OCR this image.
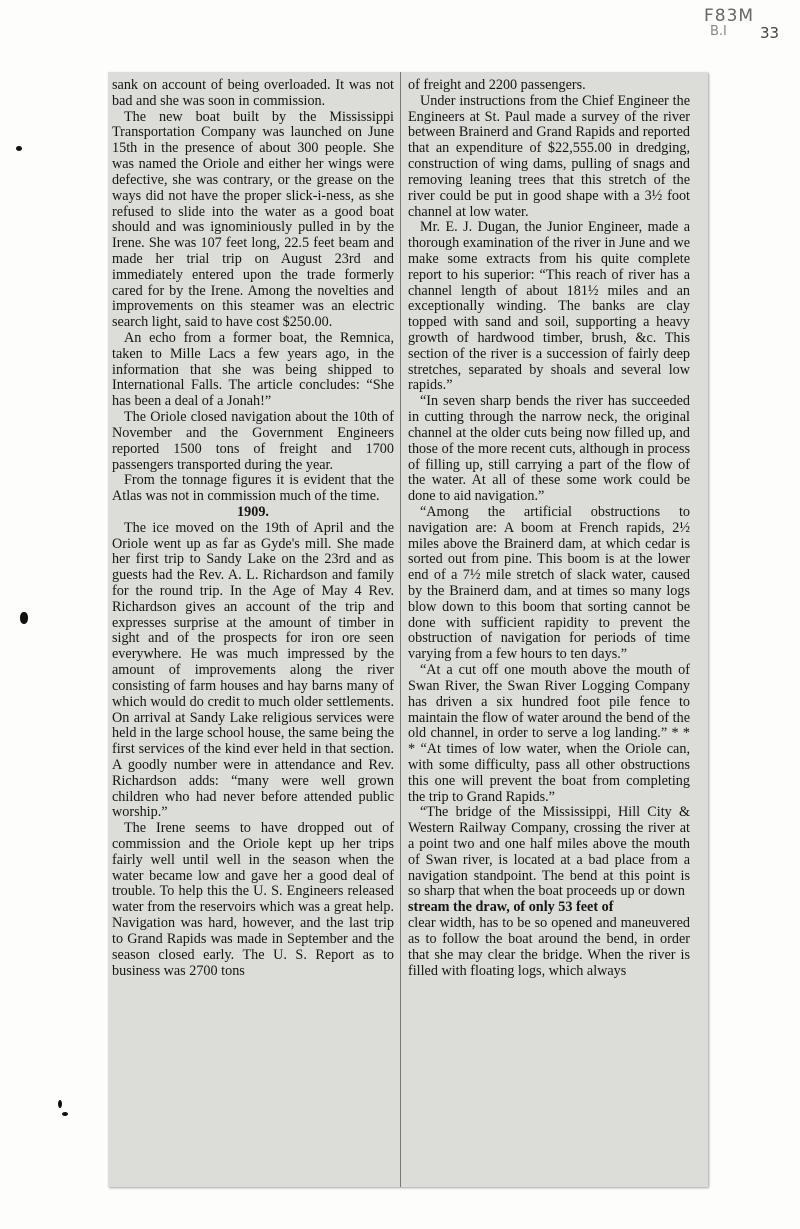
F83M
B.I 33

sank on account of being overloaded. It was not bad and she was soon in commission.

The new boat built by the Mississippi Transportation Company was launched on June 15th in the presence of about 300 people. She was named the Oriole and either her wings were defective, she was contrary, or the grease on the ways did not have the proper slick-i-ness, as she refused to slide into the water as a good boat should and was ignominiously pulled in by the Irene. She was 107 feet long, 22.5 feet beam and made her trial trip on August 23rd and immediately entered upon the trade formerly cared for by the Irene. Among the novelties and improvements on this steamer was an electric search light, said to have cost $250.00.

An echo from a former boat, the Remnica, taken to Mille Lacs a few years ago, in the information that she was being shipped to International Falls. The article concludes: “She has been a deal of a Jonah!”

The Oriole closed navigation about the 10th of November and the Government Engineers reported 1500 tons of freight and 1700 passengers transported during the year.

From the tonnage figures it is evident that the Atlas was not in commission much of the time.

1909.

The ice moved on the 19th of April and the Oriole went up as far as Gyde's mill. She made her first trip to Sandy Lake on the 23rd and as guests had the Rev. A. L. Richardson and family for the round trip. In the Age of May 4 Rev. Richardson gives an account of the trip and expresses surprise at the amount of timber in sight and of the prospects for iron ore seen everywhere. He was much impressed by the amount of improvements along the river consisting of farm houses and hay barns many of which would do credit to much older settlements. On arrival at Sandy Lake religious services were held in the large school house, the same being the first services of the kind ever held in that section. A goodly number were in attendance and Rev. Richardson adds: “many were well grown children who had never before attended public worship.”

The Irene seems to have dropped out of commission and the Oriole kept up her trips fairly well until well in the season when the water became low and gave her a good deal of trouble. To help this the U. S. Engineers released water from the reservoirs which was a great help. Navigation was hard, however, and the last trip to Grand Rapids was made in September and the season closed early. The U. S. Report as to business was 2700 tons

of freight and 2200 passengers.

Under instructions from the Chief Engineer the Engineers at St. Paul made a survey of the river between Brainerd and Grand Rapids and reported that an expenditure of $22,555.00 in dredging, construction of wing dams, pulling of snags and removing leaning trees that this stretch of the river could be put in good shape with a 3½ foot channel at low water.

Mr. E. J. Dugan, the Junior Engineer, made a thorough examination of the river in June and we make some extracts from his quite complete report to his superior: “This reach of river has a channel length of about 181½ miles and an exceptionally winding. The banks are clay topped with sand and soil, supporting a heavy growth of hardwood timber, brush, &c. This section of the river is a succession of fairly deep stretches, separated by shoals and several low rapids.”

“In seven sharp bends the river has succeeded in cutting through the narrow neck, the original channel at the older cuts being now filled up, and those of the more recent cuts, although in process of filling up, still carrying a part of the flow of the water. At all of these some work could be done to aid navigation.”

“Among the artificial obstructions to navigation are: A boom at French rapids, 2½ miles above the Brainerd dam, at which cedar is sorted out from pine. This boom is at the lower end of a 7½ mile stretch of slack water, caused by the Brainerd dam, and at times so many logs blow down to this boom that sorting cannot be done with sufficient rapidity to prevent the obstruction of navigation for periods of time varying from a few hours to ten days.”

“At a cut off one mouth above the mouth of Swan River, the Swan River Logging Company has driven a six hundred foot pile fence to maintain the flow of water around the bend of the old channel, in order to serve a log landing.” * * * “At times of low water, when the Oriole can, with some difficulty, pass all other obstructions this one will prevent the boat from completing the trip to Grand Rapids.”

“The bridge of the Mississippi, Hill City & Western Railway Company, crossing the river at a point two and one half miles above the mouth of Swan river, is located at a bad place from a navigation standpoint. The bend at this point is so sharp that when the boat proceeds up or down

stream the draw, of only 53 feet of

clear width, has to be so opened and maneuvered as to follow the boat around the bend, in order that she may clear the bridge. When the river is filled with floating logs, which always
